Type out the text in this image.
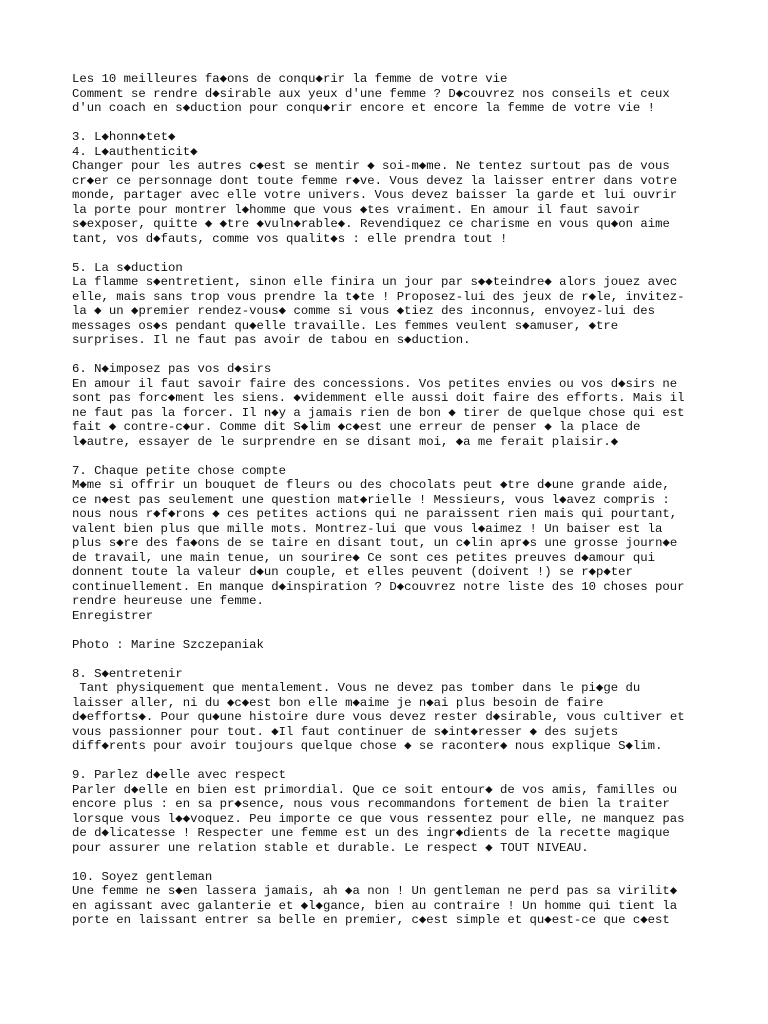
Les 10 meilleures fa◆ons de conqu◆rir la femme de votre vie
Comment se rendre d◆sirable aux yeux d'une femme ? D◆couvrez nos conseils et ceux
d'un coach en s◆duction pour conqu◆rir encore et encore la femme de votre vie !
3. L◆honn◆tet◆
4. L◆authenticit◆
Changer pour les autres c◆est se mentir ◆ soi-m◆me. Ne tentez surtout pas de vous
cr◆er ce personnage dont toute femme r◆ve. Vous devez la laisser entrer dans votre
monde, partager avec elle votre univers. Vous devez baisser la garde et lui ouvrir
la porte pour montrer l◆homme que vous ◆tes vraiment. En amour il faut savoir
s◆exposer, quitte ◆ ◆tre ◆vuln◆rable◆. Revendiquez ce charisme en vous qu◆on aime
tant, vos d◆fauts, comme vos qualit◆s : elle prendra tout !
5. La s◆duction
La flamme s◆entretient, sinon elle finira un jour par s◆◆teindre◆ alors jouez avec
elle, mais sans trop vous prendre la t◆te ! Proposez-lui des jeux de r◆le, invitez-
la ◆ un ◆premier rendez-vous◆ comme si vous ◆tiez des inconnus, envoyez-lui des
messages os◆s pendant qu◆elle travaille. Les femmes veulent s◆amuser, ◆tre
surprises. Il ne faut pas avoir de tabou en s◆duction.
6. N◆imposez pas vos d◆sirs
En amour il faut savoir faire des concessions. Vos petites envies ou vos d◆sirs ne
sont pas forc◆ment les siens. ◆videmment elle aussi doit faire des efforts. Mais il
ne faut pas la forcer. Il n◆y a jamais rien de bon ◆ tirer de quelque chose qui est
fait ◆ contre-c◆ur. Comme dit S◆lim ◆c◆est une erreur de penser ◆ la place de
l◆autre, essayer de le surprendre en se disant moi, ◆a me ferait plaisir.◆
7. Chaque petite chose compte
M◆me si offrir un bouquet de fleurs ou des chocolats peut ◆tre d◆une grande aide,
ce n◆est pas seulement une question mat◆rielle ! Messieurs, vous l◆avez compris :
nous nous r◆f◆rons ◆ ces petites actions qui ne paraissent rien mais qui pourtant,
valent bien plus que mille mots. Montrez-lui que vous l◆aimez ! Un baiser est la
plus s◆re des fa◆ons de se taire en disant tout, un c◆lin apr◆s une grosse journ◆e
de travail, une main tenue, un sourire◆ Ce sont ces petites preuves d◆amour qui
donnent toute la valeur d◆un couple, et elles peuvent (doivent !) se r◆p◆ter
continuellement. En manque d◆inspiration ? D◆couvrez notre liste des 10 choses pour
rendre heureuse une femme.
Enregistrer
Photo : Marine Szczepaniak
8. S◆entretenir
Tant physiquement que mentalement. Vous ne devez pas tomber dans le pi◆ge du
laisser aller, ni du ◆c◆est bon elle m◆aime je n◆ai plus besoin de faire
d◆efforts◆. Pour qu◆une histoire dure vous devez rester d◆sirable, vous cultiver et
vous passionner pour tout. ◆Il faut continuer de s◆int◆resser ◆ des sujets
diff◆rents pour avoir toujours quelque chose ◆ se raconter◆ nous explique S◆lim.
9. Parlez d◆elle avec respect
Parler d◆elle en bien est primordial. Que ce soit entour◆ de vos amis, familles ou
encore plus : en sa pr◆sence, nous vous recommandons fortement de bien la traiter
lorsque vous l◆◆voquez. Peu importe ce que vous ressentez pour elle, ne manquez pas
de d◆licatesse ! Respecter une femme est un des ingr◆dients de la recette magique
pour assurer une relation stable et durable. Le respect ◆ TOUT NIVEAU.
10. Soyez gentleman
Une femme ne s◆en lassera jamais, ah ◆a non ! Un gentleman ne perd pas sa virilit◆
en agissant avec galanterie et ◆l◆gance, bien au contraire ! Un homme qui tient la
porte en laissant entrer sa belle en premier, c◆est simple et qu◆est-ce que c◆est
